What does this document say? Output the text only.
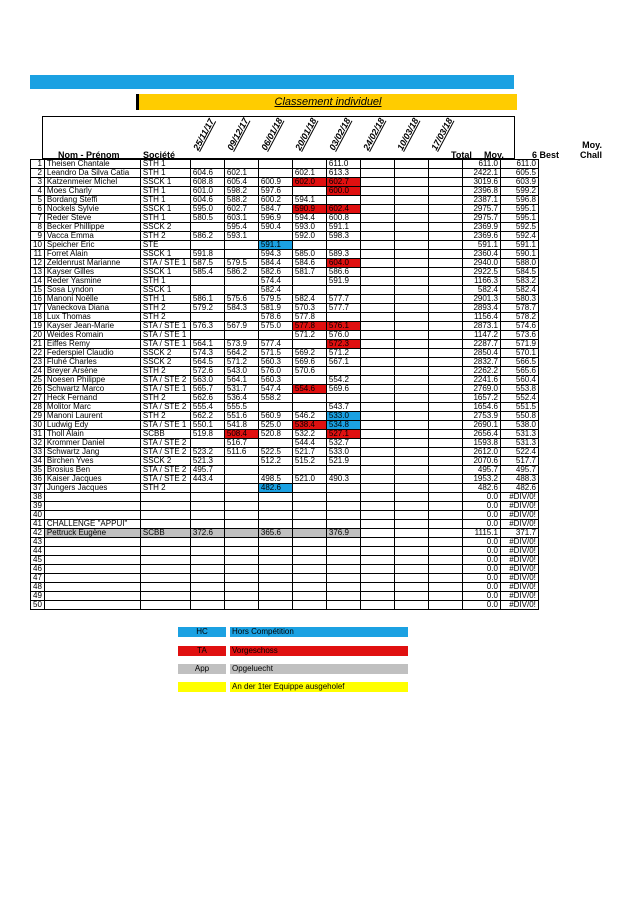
Classement individuel
Nom - Prénom	Société
25/11/17 09/12/17 06/01/18 20/01/18 03/02/18 24/02/18 10/03/18 17/03/18
Total Moy.	6 Best
Moy. Chall
1	Theisen Chantale	STH 1					611.0				611.0	611.0
2	Leandro Da Silva Catia	STH 1	604.6	602.1		602.1	613.3				2422.1	605.5
3	Katzenmeier Michel	SSCK 1	608.8	605.4	600.9	602.0	602.7				3019.6	603.9
4	Moes Charly	STH 1	601.0	598.2	597.6		600.0				2396.8	599.2
5	Bordang Steffi	STH 1	604.6	588.2	600.2	594.1					2387.1	596.8
6	Nockels Sylvie	SSCK 1	595.0	602.7	584.7	590.9	602.4				2975.7	595.1
7	Reder Steve	STH 1	580.5	603.1	596.9	594.4	600.8				2975.7	595.1
8	Becker Phillippe	SSCK 2		595.4	590.4	593.0	591.1				2369.9	592.5
9	Vacca Emma	STH 2	586.2	593.1		592.0	598.3				2369.6	592.4
10	Speicher Eric	STE			591.1						591.1	591.1
11	Forret Alain	SSCK 1	591.8		594.3	585.0	589.3				2360.4	590.1
12	Zeldenrust Marianne	STA / STE 1	587.5	579.5	584.4	584.6	604.0				2940.0	588.0
13	Kayser Gilles	SSCK 1	585.4	586.2	582.6	581.7	586.6				2922.5	584.5
14	Reder Yasmine	STH 1			574.4		591.9				1166.3	583.2
15	Sosa Lyndon	SSCK 1			582.4						582.4	582.4
16	Manoni Noëlle	STH 1	586.1	575.6	579.5	582.4	577.7				2901.3	580.3
17	Vaneckova Diana	STH 2	579.2	584.3	581.9	570.3	577.7				2893.4	578.7
18	Lux Thomas	STH 2			578.6	577.8					1156.4	578.2
19	Kayser Jean-Marie	STA / STE 1	576.3	567.9	575.0	577.8	576.1				2873.1	574.6
20	Weides Romain	STA / STE 1				571.2	576.0				1147.2	573.6
21	Eiffes Remy	STA / STE 1	564.1	573.9	577.4		572.3				2287.7	571.9
22	Federspiel Claudio	SSCK 2	574.3	564.2	571.5	569.2	571.2				2850.4	570.1
23	Fluhé Charles	SSCK 2	564.5	571.2	560.3	569.6	567.1				2832.7	566.5
24	Breyer Arsène	STH 2	572.6	543.0	576.0	570.6					2262.2	565.6
25	Noesen Philippe	STA / STE 2	563.0	564.1	560.3		554.2				2241.6	560.4
26	Schwartz Marco	STA / STE 1	565.7	531.7	547.4	554.6	569.6				2769.0	553.8
27	Heck Fernand	STH 2	562.6	536.4	558.2						1657.2	552.4
28	Molitor Marc	STA / STE 2	555.4	555.5			543.7				1654.6	551.5
29	Manoni Laurent	STH 2	562.2	551.6	560.9	546.2	533.0				2753.9	550.8
30	Ludwig Edy	STA / STE 1	550.1	541.8	525.0	538.4	534.8				2690.1	538.0
31	Tholl Alain	SCBB	519.8	508.4	520.8	532.2	527.1				2656.4	531.3
32	Krommer Daniel	STA / STE 2		516.7		544.4	532.7				1593.8	531.3
33	Schwartz Jang	STA / STE 2	523.2	511.6	522.5	521.7	533.0				2612.0	522.4
34	Birchen Yves	SSCK 2	521.3		512.2	515.2	521.9				2070.6	517.7
35	Brosius Ben	STA / STE 2	495.7								495.7	495.7
36	Kaiser Jacques	STA / STE 2	443.4		498.5	521.0	490.3				1953.2	488.3
37	Jungers Jacques	STH 2			482.6						482.6	482.6
38											0.0	#DIV/0!
39											0.0	#DIV/0!
40											0.0	#DIV/0!
41	CHALLENGE "APPUI"										0.0	#DIV/0!
42	Pettruck Eugène	SCBB	372.6		365.6		376.9				1115.1	371.7
43											0.0	#DIV/0!
44											0.0	#DIV/0!
45											0.0	#DIV/0!
46											0.0	#DIV/0!
47											0.0	#DIV/0!
48											0.0	#DIV/0!
49											0.0	#DIV/0!
50											0.0	#DIV/0!
HC	Hors Compétition
TA	Vorgeschoss
App	Opgeluecht
An der 1ter Equippe ausgeholef
